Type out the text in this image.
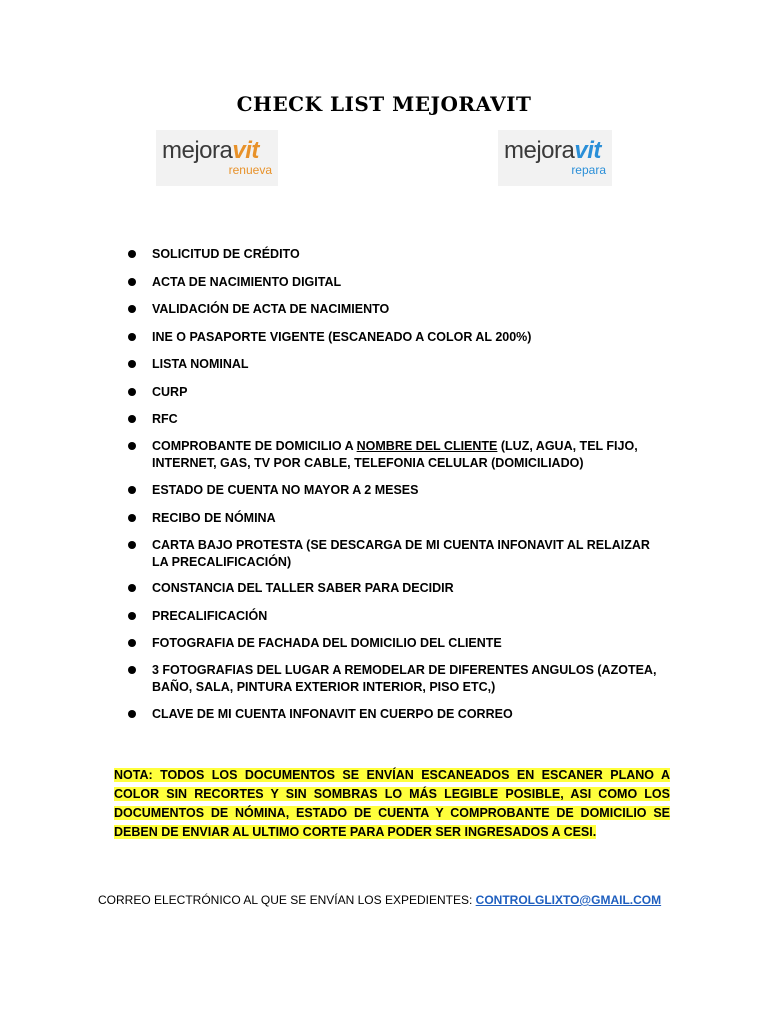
CHECK LIST MEJORAVIT
mejoravit
renueva
mejoravit
repara
SOLICITUD DE CRÉDITO
ACTA DE NACIMIENTO DIGITAL
VALIDACIÓN DE ACTA DE NACIMIENTO
INE O PASAPORTE VIGENTE (ESCANEADO A COLOR AL 200%)
LISTA NOMINAL
CURP
RFC
COMPROBANTE DE DOMICILIO A NOMBRE DEL CLIENTE (LUZ, AGUA, TEL FIJO, INTERNET, GAS, TV POR CABLE, TELEFONIA CELULAR (DOMICILIADO)
ESTADO DE CUENTA NO MAYOR A 2 MESES
RECIBO DE NÓMINA
CARTA BAJO PROTESTA (SE DESCARGA DE MI CUENTA INFONAVIT AL RELAIZAR LA PRECALIFICACIÓN)
CONSTANCIA DEL TALLER SABER PARA DECIDIR
PRECALIFICACIÓN
FOTOGRAFIA DE FACHADA DEL DOMICILIO DEL CLIENTE
3 FOTOGRAFIAS DEL LUGAR A REMODELAR DE DIFERENTES ANGULOS (AZOTEA, BAÑO, SALA, PINTURA EXTERIOR INTERIOR, PISO ETC,)
CLAVE DE MI CUENTA INFONAVIT EN CUERPO DE CORREO

NOTA: TODOS LOS DOCUMENTOS SE ENVÍAN ESCANEADOS EN ESCANER PLANO A COLOR SIN RECORTES Y SIN SOMBRAS LO MÁS LEGIBLE POSIBLE, ASI COMO LOS DOCUMENTOS DE NÓMINA, ESTADO DE CUENTA Y COMPROBANTE DE DOMICILIO SE DEBEN DE ENVIAR AL ULTIMO CORTE PARA PODER SER INGRESADOS A CESI.

CORREO ELECTRÓNICO AL QUE SE ENVÍAN LOS EXPEDIENTES: CONTROLGLIXTO@GMAIL.COM
